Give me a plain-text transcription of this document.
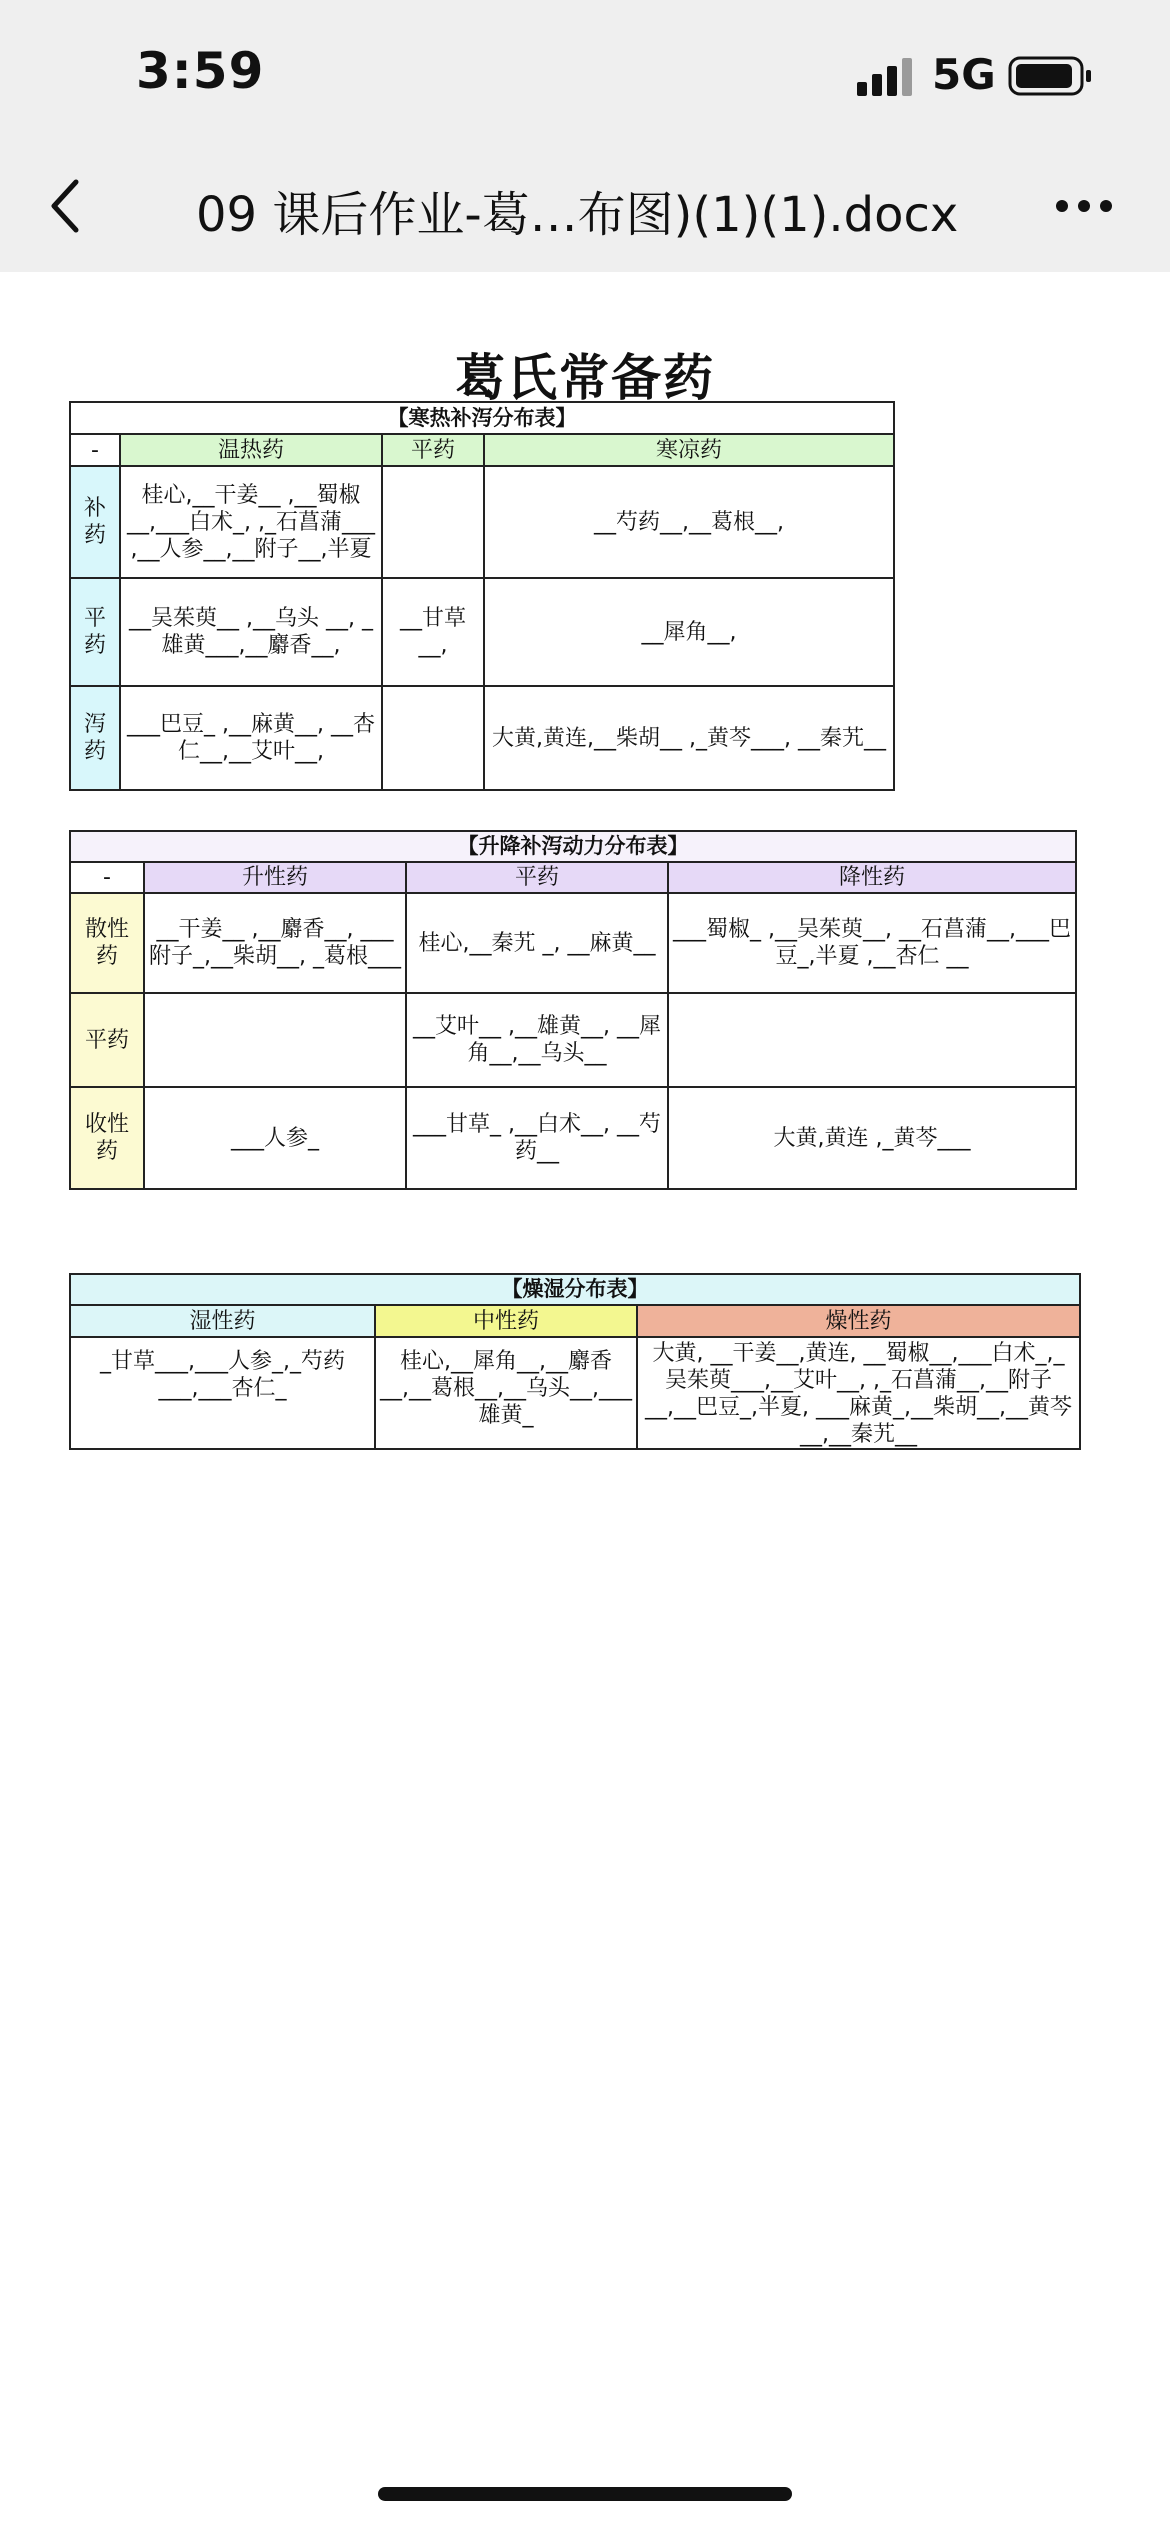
3:59	5G
09 课后作业-葛…布图)(1)(1).docx
葛氏常备药
【寒热补泻分布表】			
-	温热药	平药	寒凉药
补药	桂心,__干姜__ ,__蜀椒__,___白术_, ,_石菖蒲___ ,__人参__,__附子__,半夏		__芍药__,__葛根__,
平药	__吴茱萸__ ,__乌头 __, _雄黄___,__麝香__,	__甘草__,	__犀角__,
泻药	___巴豆_ ,__麻黄__, __杏仁__,__艾叶__,		大黄,黄连,__柴胡__ ,_黄芩___, __秦艽__
【升降补泻动力分布表】			
-	升性药	平药	降性药
散性药	__干姜__ ,__麝香__, ___附子_,__柴胡__, _葛根___	桂心,__秦艽 _, __麻黄__	___蜀椒_ ,__吴茱萸__, __石菖蒲__,___巴豆_,半夏 ,__杏仁 __
平药		__艾叶__ ,__雄黄__, __犀角__,__乌头__	
收性药	___人参_	___甘草_ ,__白术__, __芍药__	大黄,黄连 ,_黄芩___
【燥湿分布表】		
湿性药	中性药	燥性药
_甘草___,___人参_,_芍药___,___杏仁_	桂心,__犀角__,__麝香__,__葛根__,__乌头__,___雄黄_	大黄, __干姜__,黄连, __蜀椒__,___白术_,_吴茱萸___,__艾叶__, ,_石菖蒲__,__附子__,__巴豆_,半夏, ___麻黄_,__柴胡__,__黄芩__,__秦艽__
